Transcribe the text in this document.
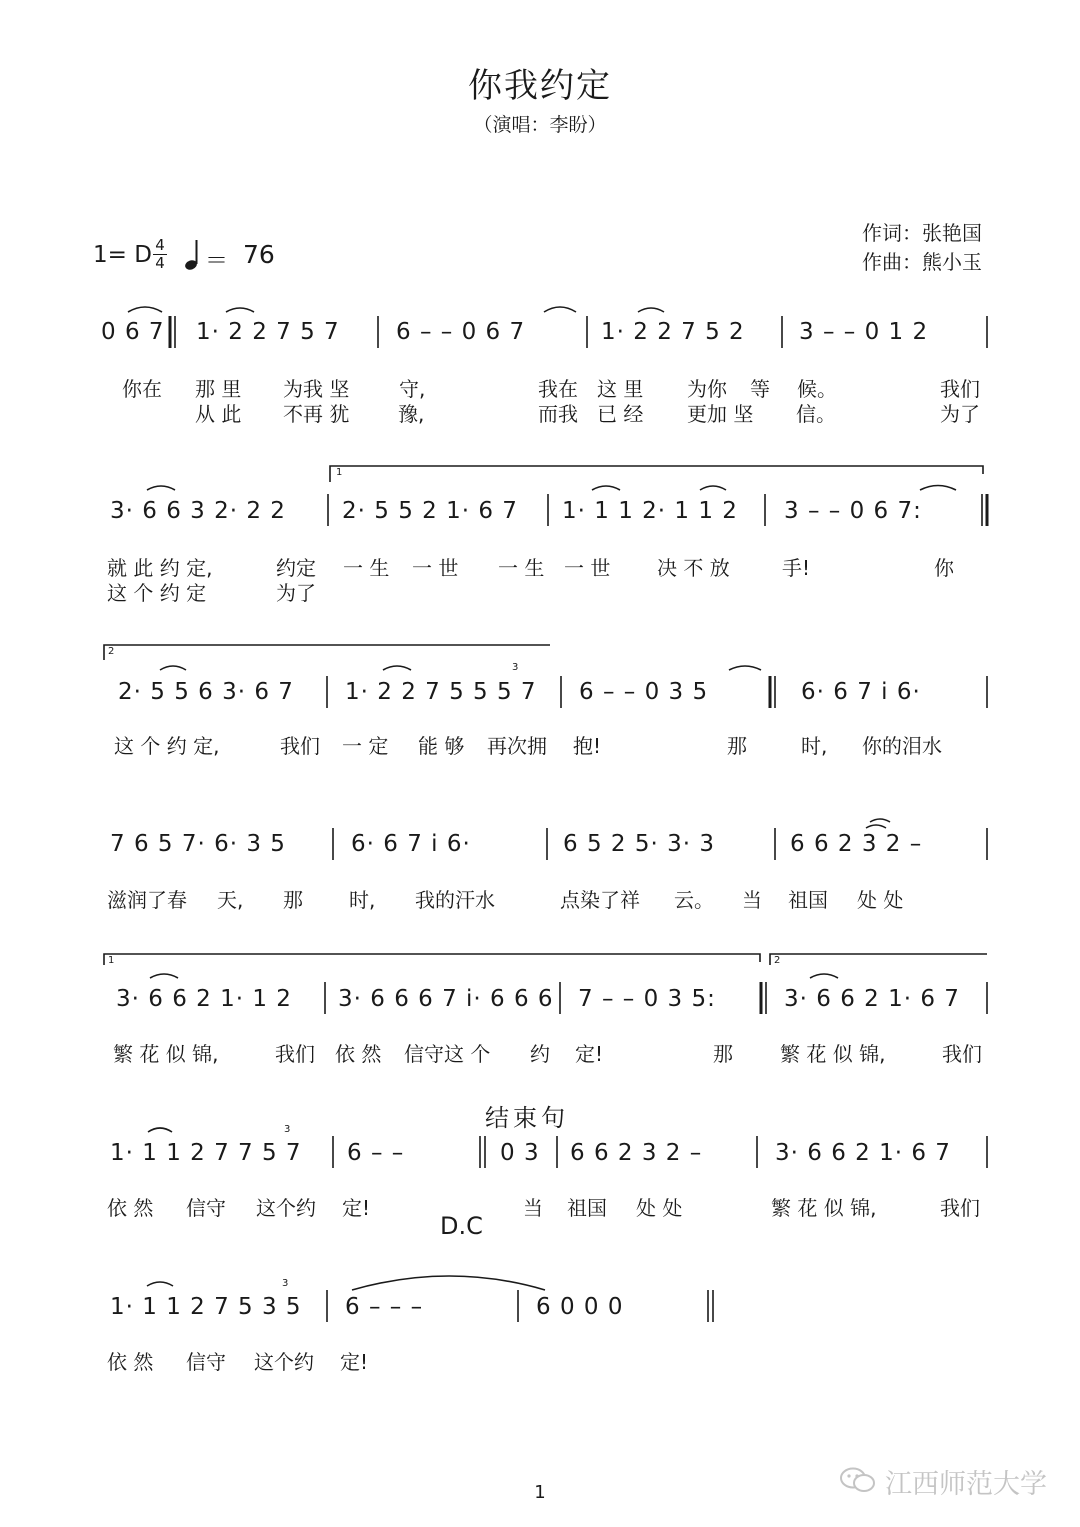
你我约定
（演唱：李盼）
作词：张艳国
作曲：熊小玉
1= D 4
4 ＝ 76
1
2
1	2
3
3
3
0 6 7 1· 2 2 7 5 7 6 – – 0 6 7	1· 2 2 7 5 2 3 – – 0 1 2
你在 那 里 为我 坚 守,	我在 这 里 为你 等 候。	我们
从 此 不再 犹 豫,	而我 已 经 更加 坚 信。	为了
3· 6 6 3 2· 2 2 2· 5 5 2 1· 6 7 1· 1 1 2· 1 1 2 3 – – 0 6 7:
就 此 约 定,	约定 一 生 一 世 一 生 一 世 决 不 放	手!	你
这 个 约 定	为了
2· 5 5 6 3· 6 7 1· 2 2 7 5 5 5 7 6 – – 0 3 5	6· 6 7 i 6·
这 个 约 定,	我们 一 定 能 够 再次拥 抱!	那	时, 你的泪水
7 6 5 7· 6· 3 5	6· 6 7 i 6·	6 5 2 5· 3· 3	6 6 2 3 2 –
滋润了春 天, 那 时, 我的汗水	点染了祥 云。 当 祖国 处 处
3· 6 6 2 1· 1 2 3· 6 6 6 7 i· 6 6 6 7 – – 0 3 5:	3· 6 6 2 1· 6 7
繁 花 似 锦,	我们 依 然 信守这 个 约 定!	那 繁 花 似 锦,	我们
结束句
1· 1 1 2 7 7 5 7 6 – –	0 3 6 6 2 3 2 –	3· 6 6 2 1· 6 7
依 然 信守 这个约 定!	当 祖国 处 处	繁 花 似 锦,	我们
D.C
1· 1 1 2 7 5 3 5 6 – – –	6 0 0 0
依 然 信守 这个约 定!
江西师范大学
1
